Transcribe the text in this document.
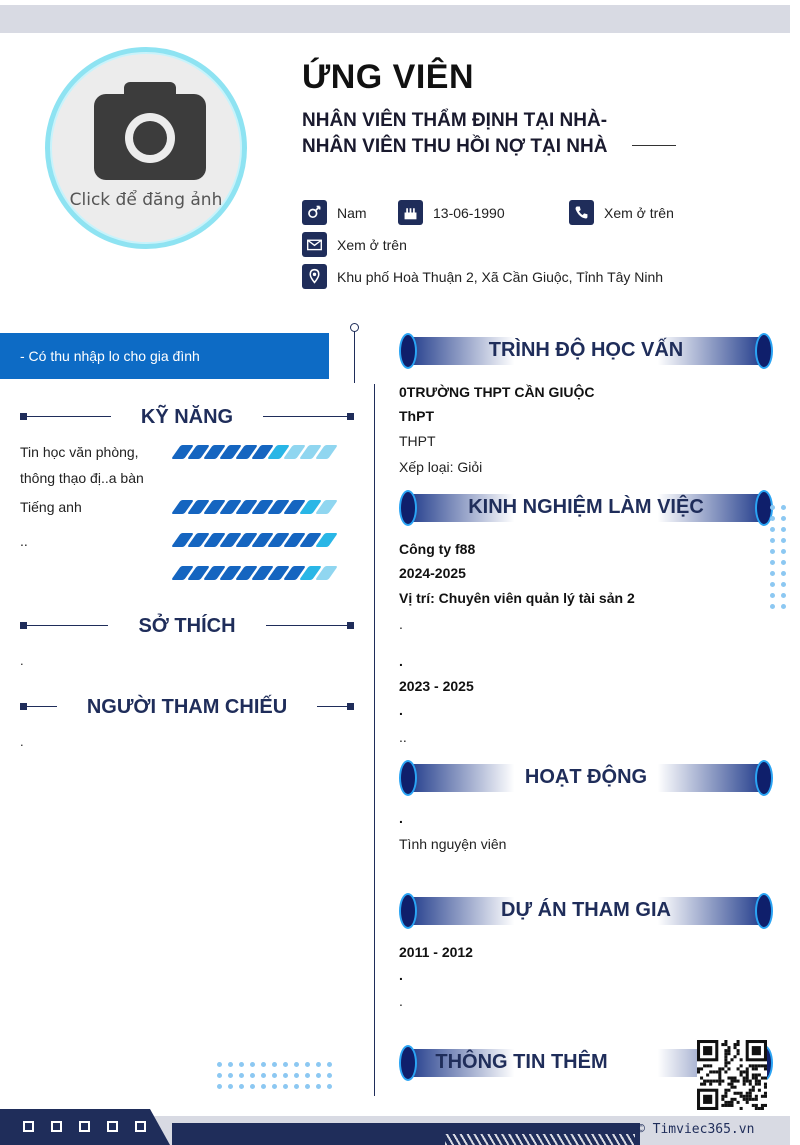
Click để đăng ảnh
ỨNG VIÊN
NHÂN VIÊN THẨM ĐỊNH TẠI NHÀ-NHÂN VIÊN THU HỒI NỢ TẠI NHÀ
Nam	13-06-1990	Xem ở trên
Xem ở trên
Khu phố Hoà Thuận 2, Xã Cần Giuộc, Tỉnh Tây Ninh
- Có thu nhập lo cho gia đình
KỸ NĂNG
Tin học văn phòng,
thông thạo đị..a bàn
Tiếng anh
..
SỞ THÍCH
.
NGƯỜI THAM CHIẾU
.
TRÌNH ĐỘ HỌC VẤN
0TRƯỜNG THPT CẦN GIUỘC
ThPT
THPT
Xếp loại: Giỏi
KINH NGHIỆM LÀM VIỆC
Công ty f88
2024-2025
Vị trí: Chuyên viên quản lý tài sản 2
.
.
2023 - 2025
.
..
HOẠT ĐỘNG
.
Tình nguyện viên
DỰ ÁN THAM GIA
2011 - 2012
.
.
THÔNG TIN THÊM
© Timviec365.vn
